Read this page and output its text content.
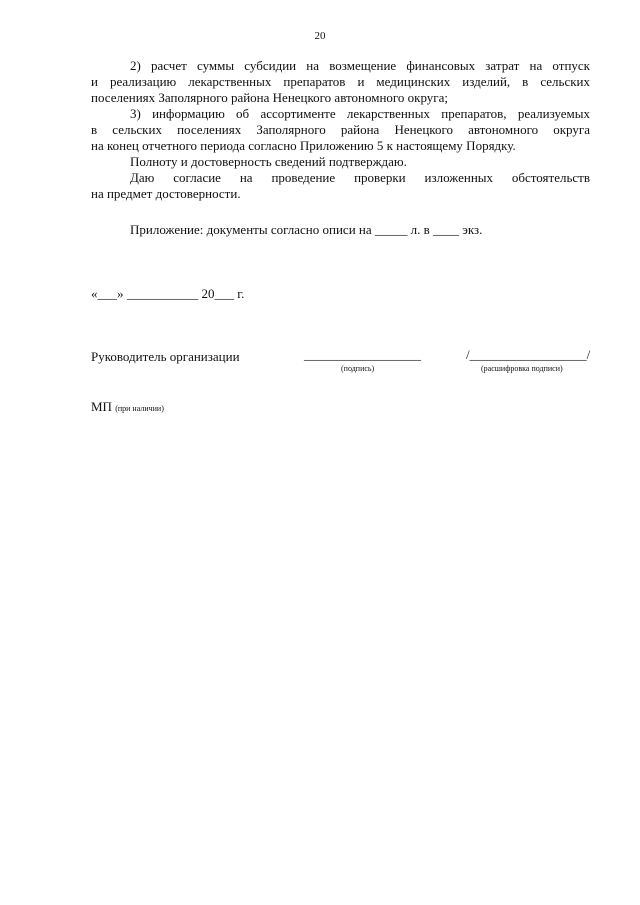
20
2) расчет суммы субсидии на возмещение финансовых затрат на отпуск
и реализацию лекарственных препаратов и медицинских изделий, в сельских
поселениях Заполярного района Ненецкого автономного округа;
3) информацию об ассортименте лекарственных препаратов, реализуемых
в сельских поселениях Заполярного района Ненецкого автономного округа
на конец отчетного периода согласно Приложению 5 к настоящему Порядку.
Полноту и достоверность сведений подтверждаю.
Даю согласие на проведение проверки изложенных обстоятельств
на предмет достоверности.
Приложение: документы согласно описи на _____ л. в ____ экз.
«___» ___________ 20___ г.
Руководитель организации	__________________
(подпись)
/__________________/
(расшифровка подписи)
МП (при наличии)
